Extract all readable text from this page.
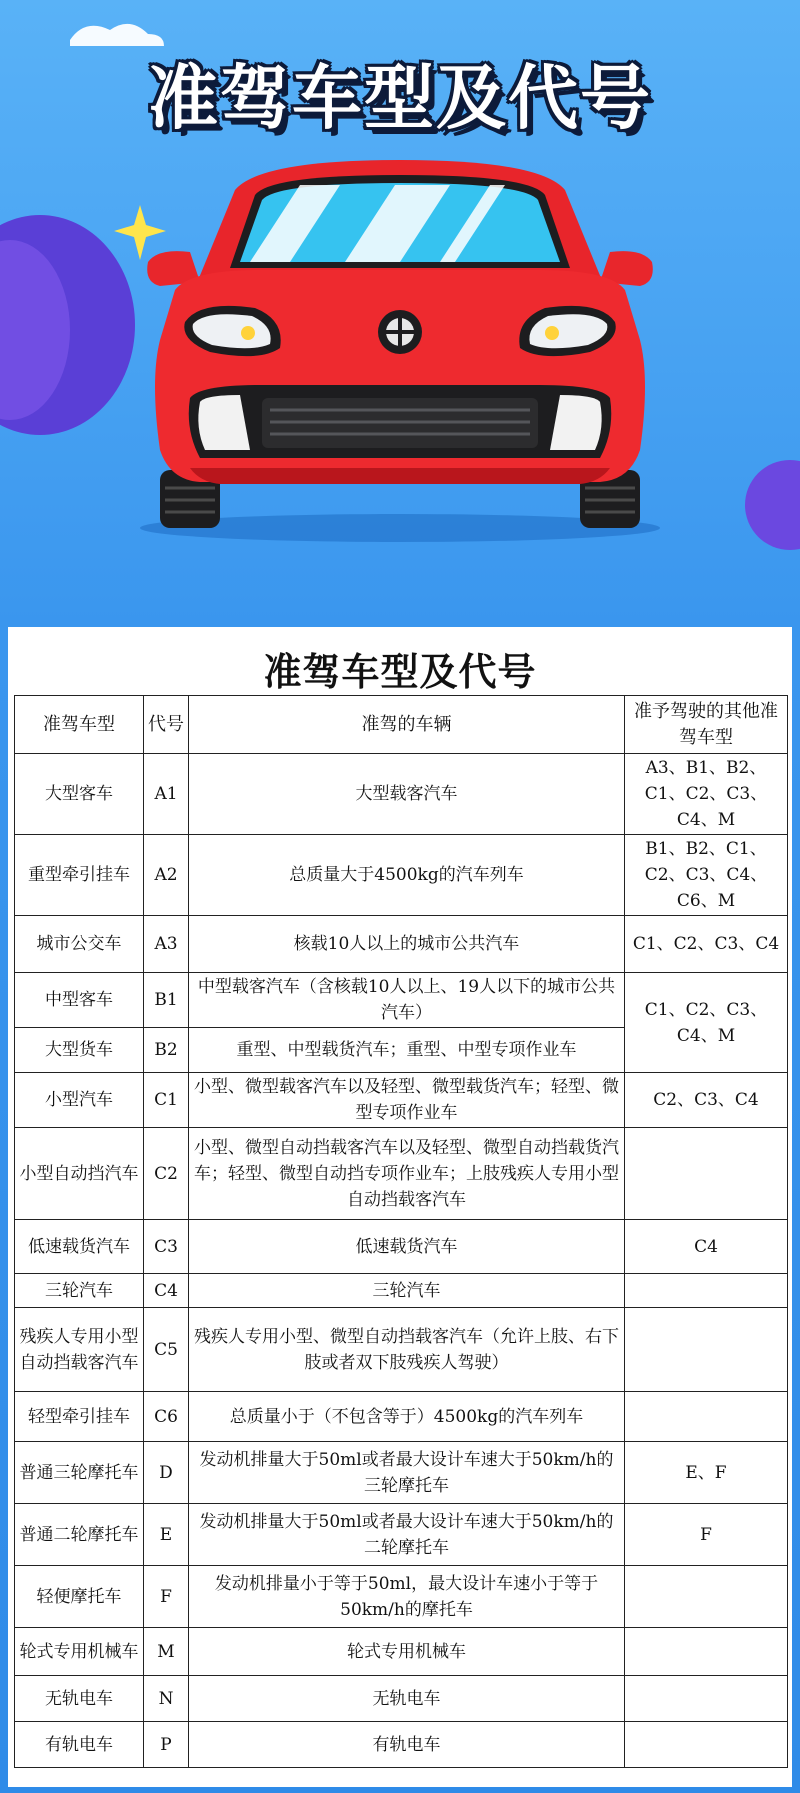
准驾车型及代号
准驾车型及代号
准驾车型	代号	准驾的车辆	准予驾驶的其他准驾车型
大型客车	A1	大型载客汽车	A3、B1、B2、C1、C2、C3、C4、M
重型牵引挂车	A2	总质量大于4500kg的汽车列车	B1、B2、C1、C2、C3、C4、C6、M
城市公交车	A3	核载10人以上的城市公共汽车	C1、C2、C3、C4
中型客车	B1	中型载客汽车（含核载10人以上、19人以下的城市公共汽车）	C1、C2、C3、C4、M
大型货车	B2	重型、中型载货汽车；重型、中型专项作业车	
小型汽车	C1	小型、微型载客汽车以及轻型、微型载货汽车；轻型、微型专项作业车	C2、C3、C4
小型自动挡汽车	C2	小型、微型自动挡载客汽车以及轻型、微型自动挡载货汽车；轻型、微型自动挡专项作业车；上肢残疾人专用小型自动挡载客汽车	
低速载货汽车	C3	低速载货汽车	C4
三轮汽车	C4	三轮汽车	
残疾人专用小型自动挡载客汽车	C5	残疾人专用小型、微型自动挡载客汽车（允许上肢、右下肢或者双下肢残疾人驾驶）	
轻型牵引挂车	C6	总质量小于（不包含等于）4500kg的汽车列车	
普通三轮摩托车	D	发动机排量大于50ml或者最大设计车速大于50km/h的三轮摩托车	E、F
普通二轮摩托车	E	发动机排量大于50ml或者最大设计车速大于50km/h的二轮摩托车	F
轻便摩托车	F	发动机排量小于等于50ml，最大设计车速小于等于50km/h的摩托车	
轮式专用机械车	M	轮式专用机械车	
无轨电车	N	无轨电车	
有轨电车	P	有轨电车	
